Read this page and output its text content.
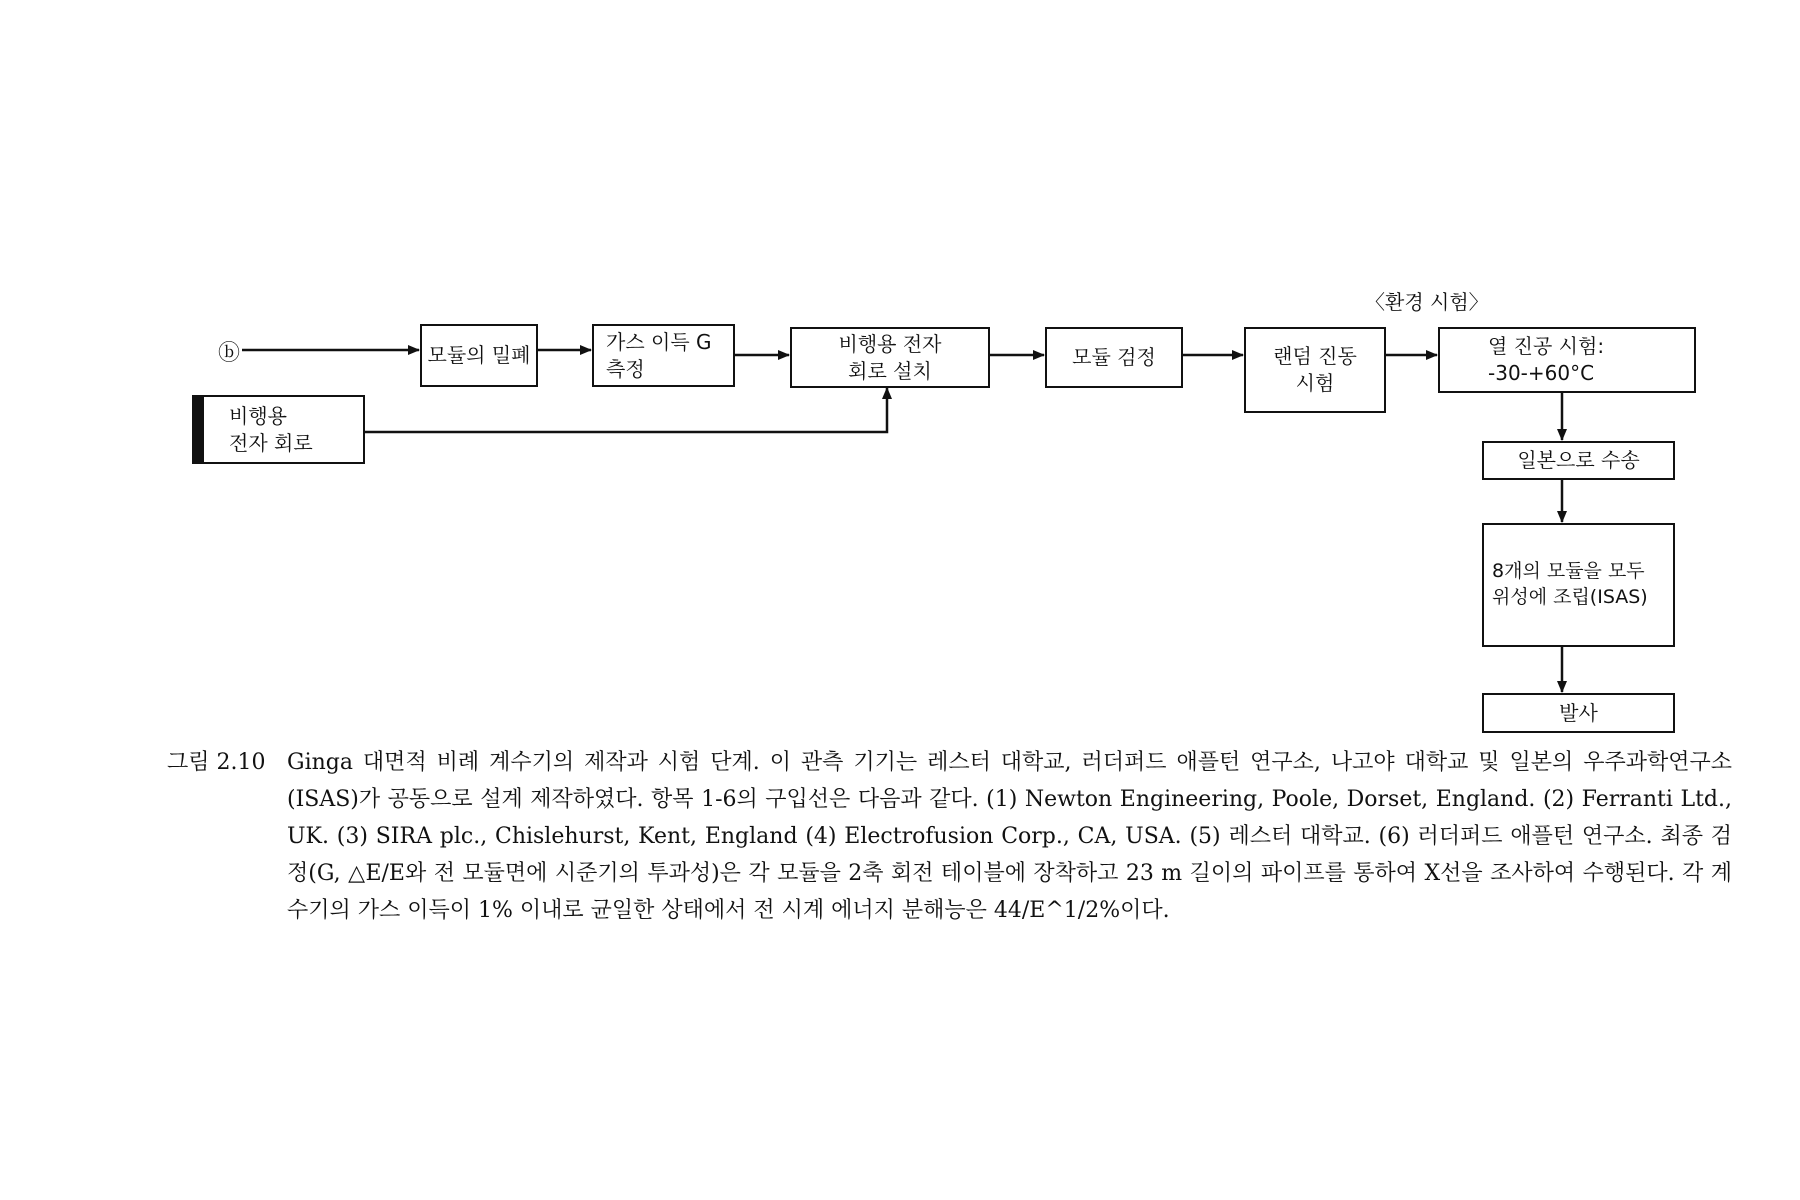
ⓑ
〈환경 시험〉
모듈의 밀폐
가스 이득 G
측정
비행용 전자
회로 설치
모듈 검정	랜덤 진동
시험
열 진공 시험:
-30-+60°C
일본으로 수송
8개의 모듈을 모두
위성에 조립(ISAS)
발사
비행용
전자 회로
그림 2.10 Ginga 대면적 비례 계수기의 제작과 시험 단계. 이 관측 기기는 레스터 대학교, 러더퍼드 애플턴 연구소, 나고야 대학교 및 일본의 우주과학연구소(ISAS)가 공동으로 설계 제작하였다. 항목 1-6의 구입선은 다음과 같다. (1) Newton Engineering, Poole, Dorset, England. (2) Ferranti Ltd., UK. (3) SIRA plc., Chislehurst, Kent, England (4) Electrofusion Corp., CA, USA. (5) 레스터 대학교. (6) 러더퍼드 애플턴 연구소. 최종 검정(G, △E/E와 전 모듈면에 시준기의 투과성)은 각 모듈을 2축 회전 테이블에 장착하고 23 m 길이의 파이프를 통하여 X선을 조사하여 수행된다. 각 계수기의 가스 이득이 1% 이내로 균일한 상태에서 전 시계 에너지 분해능은 44/E^1/2%이다.
